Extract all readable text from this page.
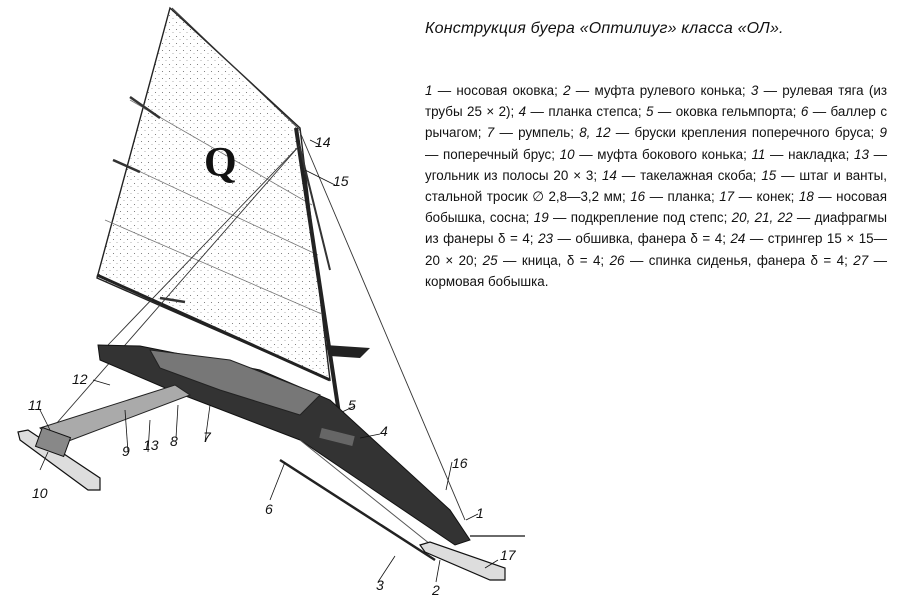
Q
1
2
3
4
5
6
7
8
9
10
11
12
13
14
15
16
17
Конструкция буера «Оптилиуг» класса «ОЛ».
1 — носовая оковка; 2 — муфта рулевого конька; 3 — рулевая тяга (из трубы 25 × 2); 4 — планка степса; 5 — оковка гельмпорта; 6 — баллер с рычагом; 7 — румпель; 8, 12 — бруски крепления поперечного бруса; 9 — поперечный брус; 10 — муфта бокового конька; 11 — накладка; 13 — угольник из полосы 20 × 3; 14 — такелажная скоба; 15 — штаг и ванты, стальной тросик ∅ 2,8—3,2 мм; 16 — планка; 17 — конек; 18 — носовая бобышка, сосна; 19 — подкрепление под степс; 20, 21, 22 — диафрагмы из фанеры δ = 4; 23 — обшивка, фанера δ = 4; 24 — стрингер 15 × 15—20 × 20; 25 — кница, δ = 4; 26 — спинка сиденья, фанера δ = 4; 27 — кормовая бобышка.
